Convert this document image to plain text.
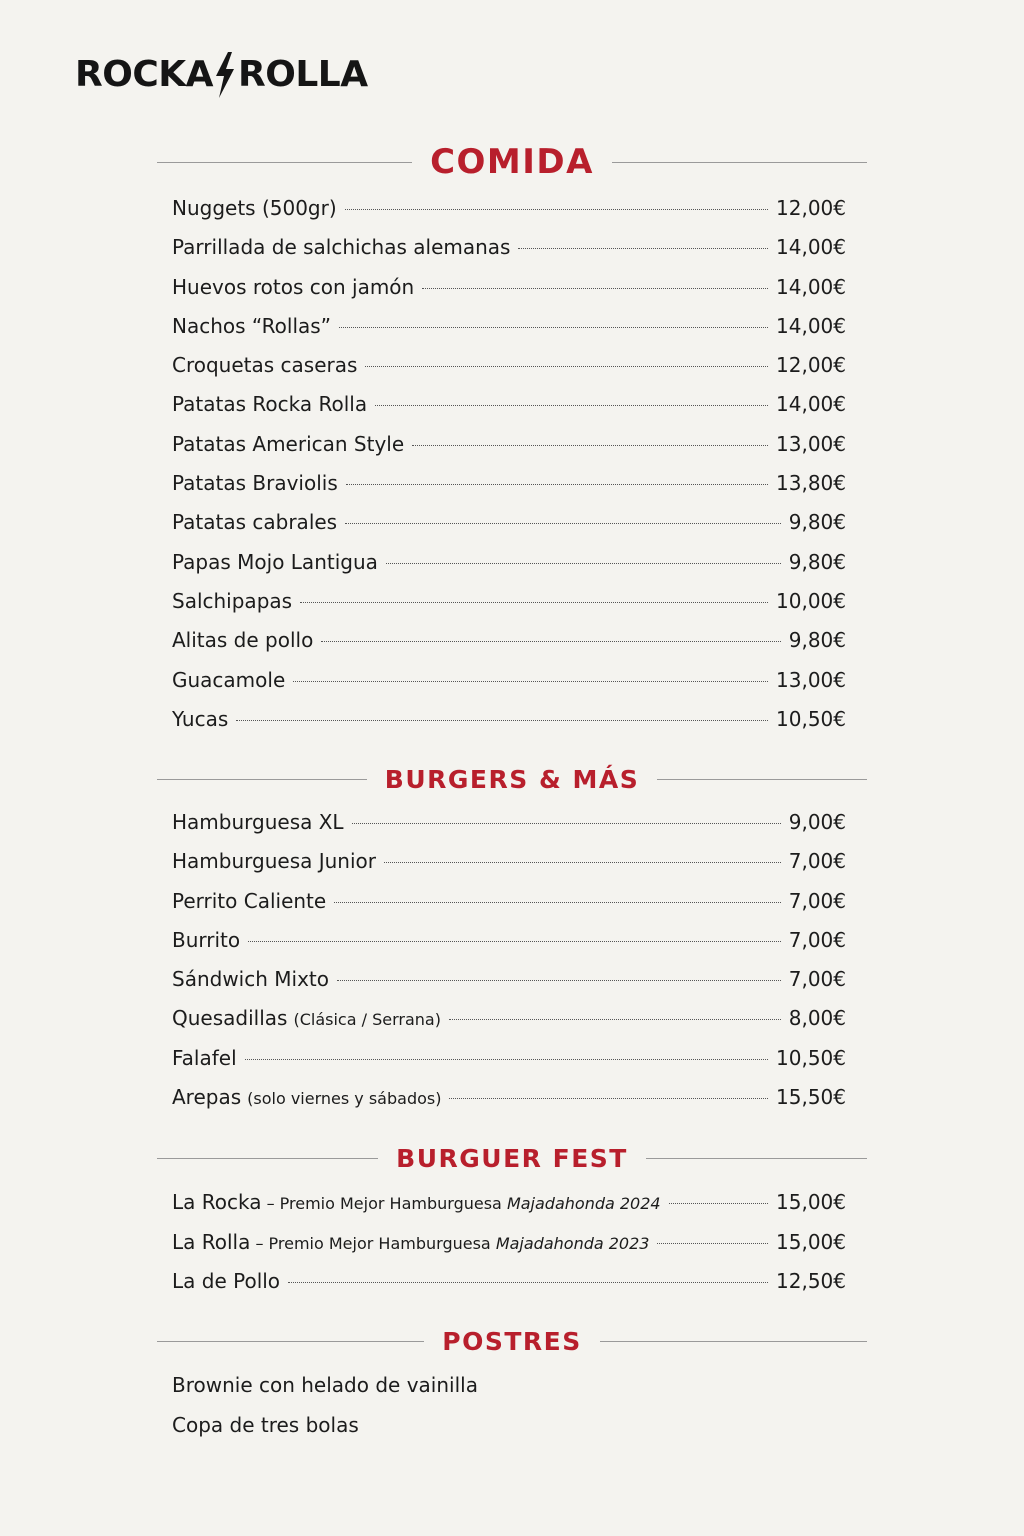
ROCKA ROLLA
COMIDA
Nuggets (500gr)	12,00€
Parrillada de salchichas alemanas	14,00€
Huevos rotos con jamón	14,00€
Nachos “Rollas”	14,00€
Croquetas caseras	12,00€
Patatas Rocka Rolla	14,00€
Patatas American Style	13,00€
Patatas Braviolis	13,80€
Patatas cabrales	9,80€
Papas Mojo Lantigua	9,80€
Salchipapas	10,00€
Alitas de pollo	9,80€
Guacamole	13,00€
Yucas	10,50€
BURGERS & MÁS
Hamburguesa XL	9,00€
Hamburguesa Junior	7,00€
Perrito Caliente	7,00€
Burrito	7,00€
Sándwich Mixto	7,00€
Quesadillas (Clásica / Serrana)	8,00€
Falafel	10,50€
Arepas (solo viernes y sábados)	15,50€
BURGUER FEST
La Rocka – Premio Mejor Hamburguesa Majadahonda 2024	15,00€
La Rolla – Premio Mejor Hamburguesa Majadahonda 2023	15,00€
La de Pollo	12,50€
POSTRES
Brownie con helado de vainilla
Copa de tres bolas
